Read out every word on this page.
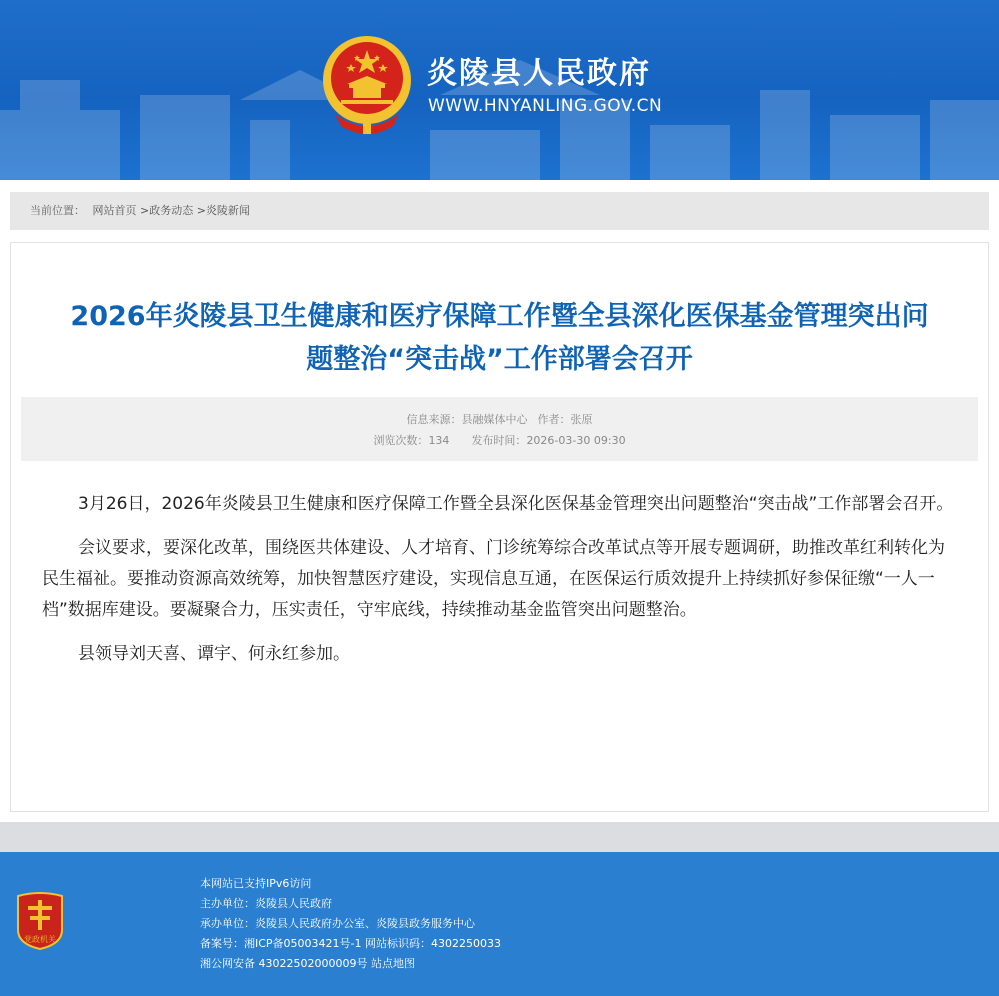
炎陵县人民政府
WWW.HNYANLING.GOV.CN
当前位置： 网站首页 >政务动态 >炎陵新闻
2026年炎陵县卫生健康和医疗保障工作暨全县深化医保基金管理突出问
题整治“突击战”工作部署会召开
信息来源：县融媒体中心 作者：张原
浏览次数：134 发布时间：2026-03-30 09:30

3月26日，2026年炎陵县卫生健康和医疗保障工作暨全县深化医保基金管理突出问题整治“突击战”工作部署会召开。

会议要求，要深化改革，围绕医共体建设、人才培育、门诊统筹综合改革试点等开展专题调研，助推改革红利转化为民生福祉。要推动资源高效统筹，加快智慧医疗建设，实现信息互通，在医保运行质效提升上持续抓好参保征缴“一人一档”数据库建设。要凝聚合力，压实责任，守牢底线，持续推动基金监管突出问题整治。

县领导刘天喜、谭宇、何永红参加。

党政机关
本网站已支持IPv6访问
主办单位：炎陵县人民政府
承办单位：炎陵县人民政府办公室、炎陵县政务服务中心
备案号：湘ICP备05003421号-1 网站标识码：4302250033
湘公网安备 43022502000009号 站点地图
